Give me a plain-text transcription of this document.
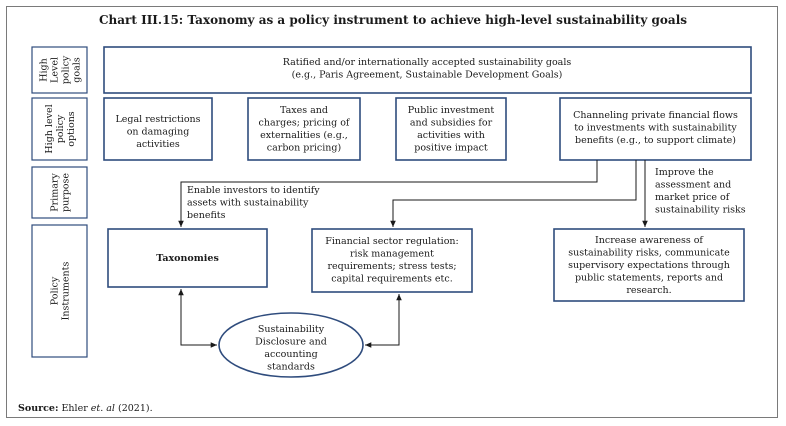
Chart III.15: Taxonomy as a policy instrument to achieve high-level sustainability goals
HighLevelpolicygoals
High levelpolicyoptions
Primarypurpose
PolicyInstruments
Ratified and/or internationally accepted sustainability goals (e.g., Paris Agreement, Sustainable Development Goals)
Legal restrictions on damaging activities
Taxes and charges; pricing of externalities (e.g., carbon pricing)
Public investment and subsidies for activities with positive impact
Channeling private financial flows to investments with sustainability benefits (e.g., to support climate)
Enable investors to identify assets with sustainability benefits
Improve the assessment and market price of sustainability risks
Taxonomies
Financial sector regulation: risk management requirements; stress tests; capital requirements etc.
Increase awareness of sustainability risks, communicate supervisory expectations through public statements, reports and research.
Sustainability Disclosure and accounting standards
Source: Ehler et. al (2021).
